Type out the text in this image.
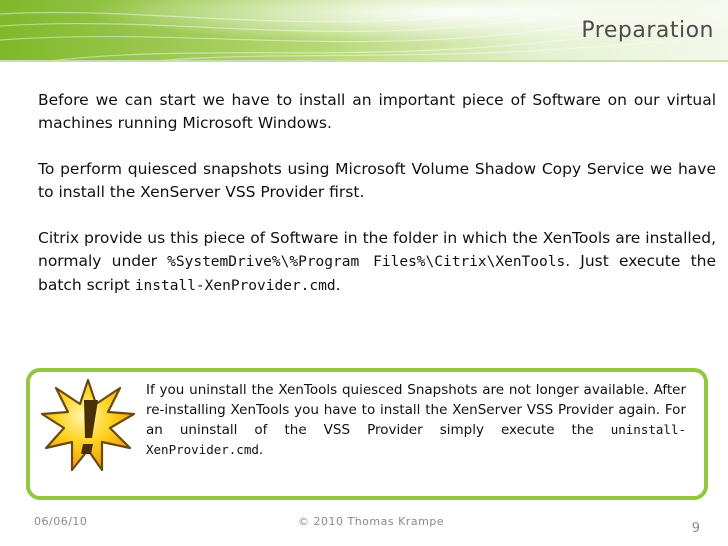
Preparation

Before we can start we have to install an important piece of Software on our virtual machines running Microsoft Windows.

To perform quiesced snapshots using Microsoft Volume Shadow Copy Service we have to install the XenServer VSS Provider first.

Citrix provide us this piece of Software in the folder in which the XenTools are installed, normaly under %SystemDrive%\%Program Files%\Citrix\XenTools. Just execute the batch script install-XenProvider.cmd.

If you uninstall the XenTools quiesced Snapshots are not longer available. After re-installing XenTools you have to install the XenServer VSS Provider again. For an uninstall of the VSS Provider simply execute the uninstall-XenProvider.cmd.
06/06/10	© 2010 Thomas Krampe	9
